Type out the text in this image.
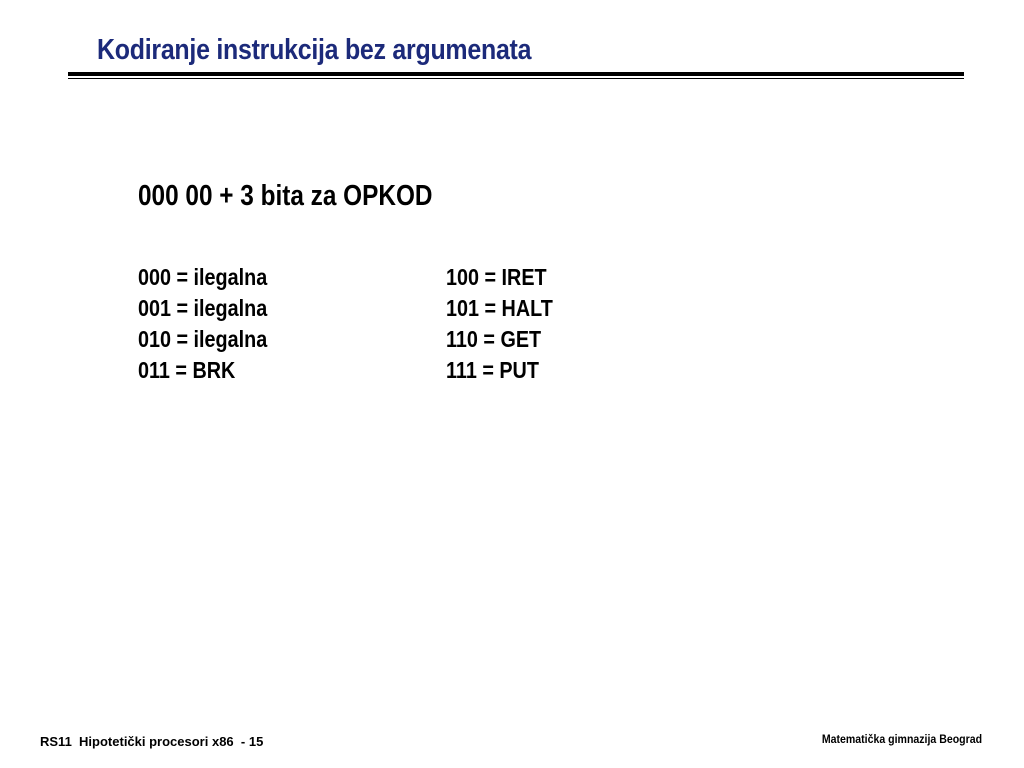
Kodiranje instrukcija bez argumenata
000 00 + 3 bita za OPKOD
000 = ilegalna
001 = ilegalna
010 = ilegalna
011 = BRK
100 = IRET
101 = HALT
110 = GET
111 = PUT
RS11 Hipotetički procesori x86 - 15	Matematička gimnazija Beograd
